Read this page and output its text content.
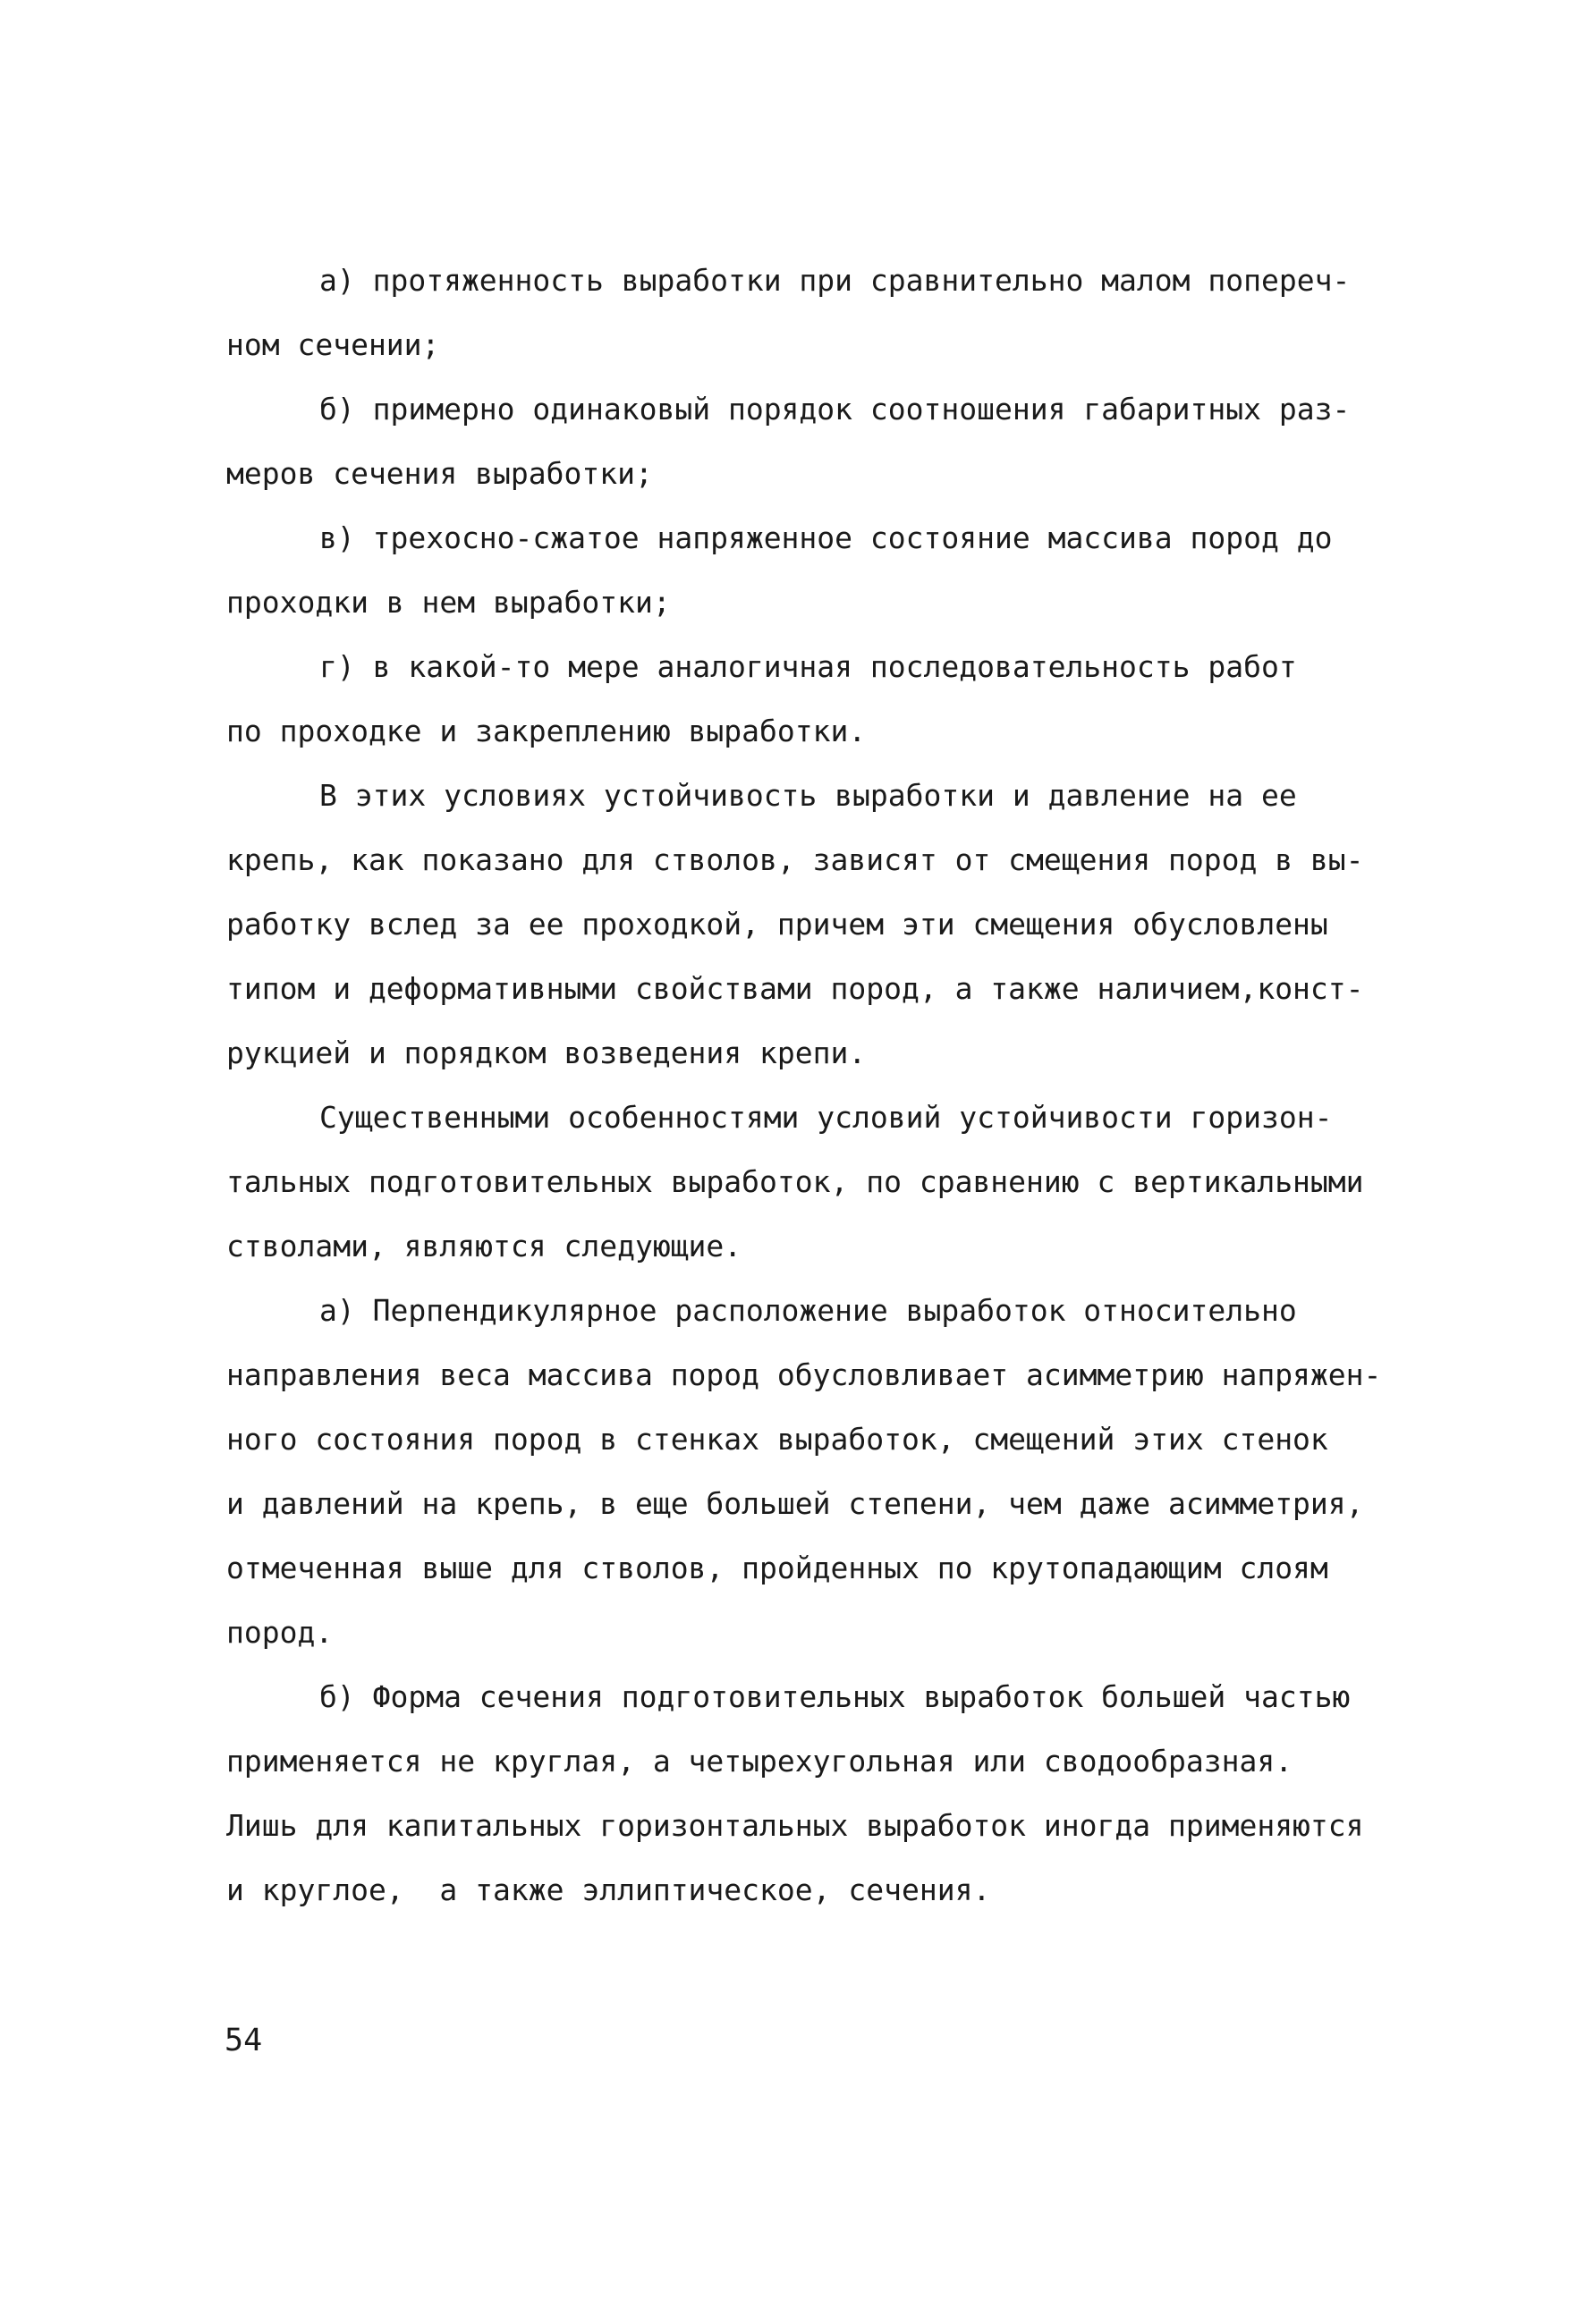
а) протяженность выработки при сравнительно малом попереч-
ном сечении;
б) примерно одинаковый порядок соотношения габаритных раз-
меров сечения выработки;
в) трехосно-сжатое напряженное состояние массива пород до
проходки в нем выработки;
г) в какой-то мере аналогичная последовательность работ
по проходке и закреплению выработки.
В этих условиях устойчивость выработки и давление на ее
крепь, как показано для стволов, зависят от смещения пород в вы-
работку вслед за ее проходкой, причем эти смещения обусловлены
типом и деформативными свойствами пород, а также наличием,конст-
рукцией и порядком возведения крепи.
Существенными особенностями условий устойчивости горизон-
тальных подготовительных выработок, по сравнению с вертикальными
стволами, являются следующие.
а) Перпендикулярное расположение выработок относительно
направления веса массива пород обусловливает асимметрию напряжен-
ного состояния пород в стенках выработок, смещений этих стенок
и давлений на крепь, в еще большей степени, чем даже асимметрия,
отмеченная выше для стволов, пройденных по крутопадающим слоям
пород.
б) Форма сечения подготовительных выработок большей частью
применяется не круглая, а четырехугольная или сводообразная.
Лишь для капитальных горизонтальных выработок иногда применяются
и круглое,  а также эллиптическое, сечения.
54
